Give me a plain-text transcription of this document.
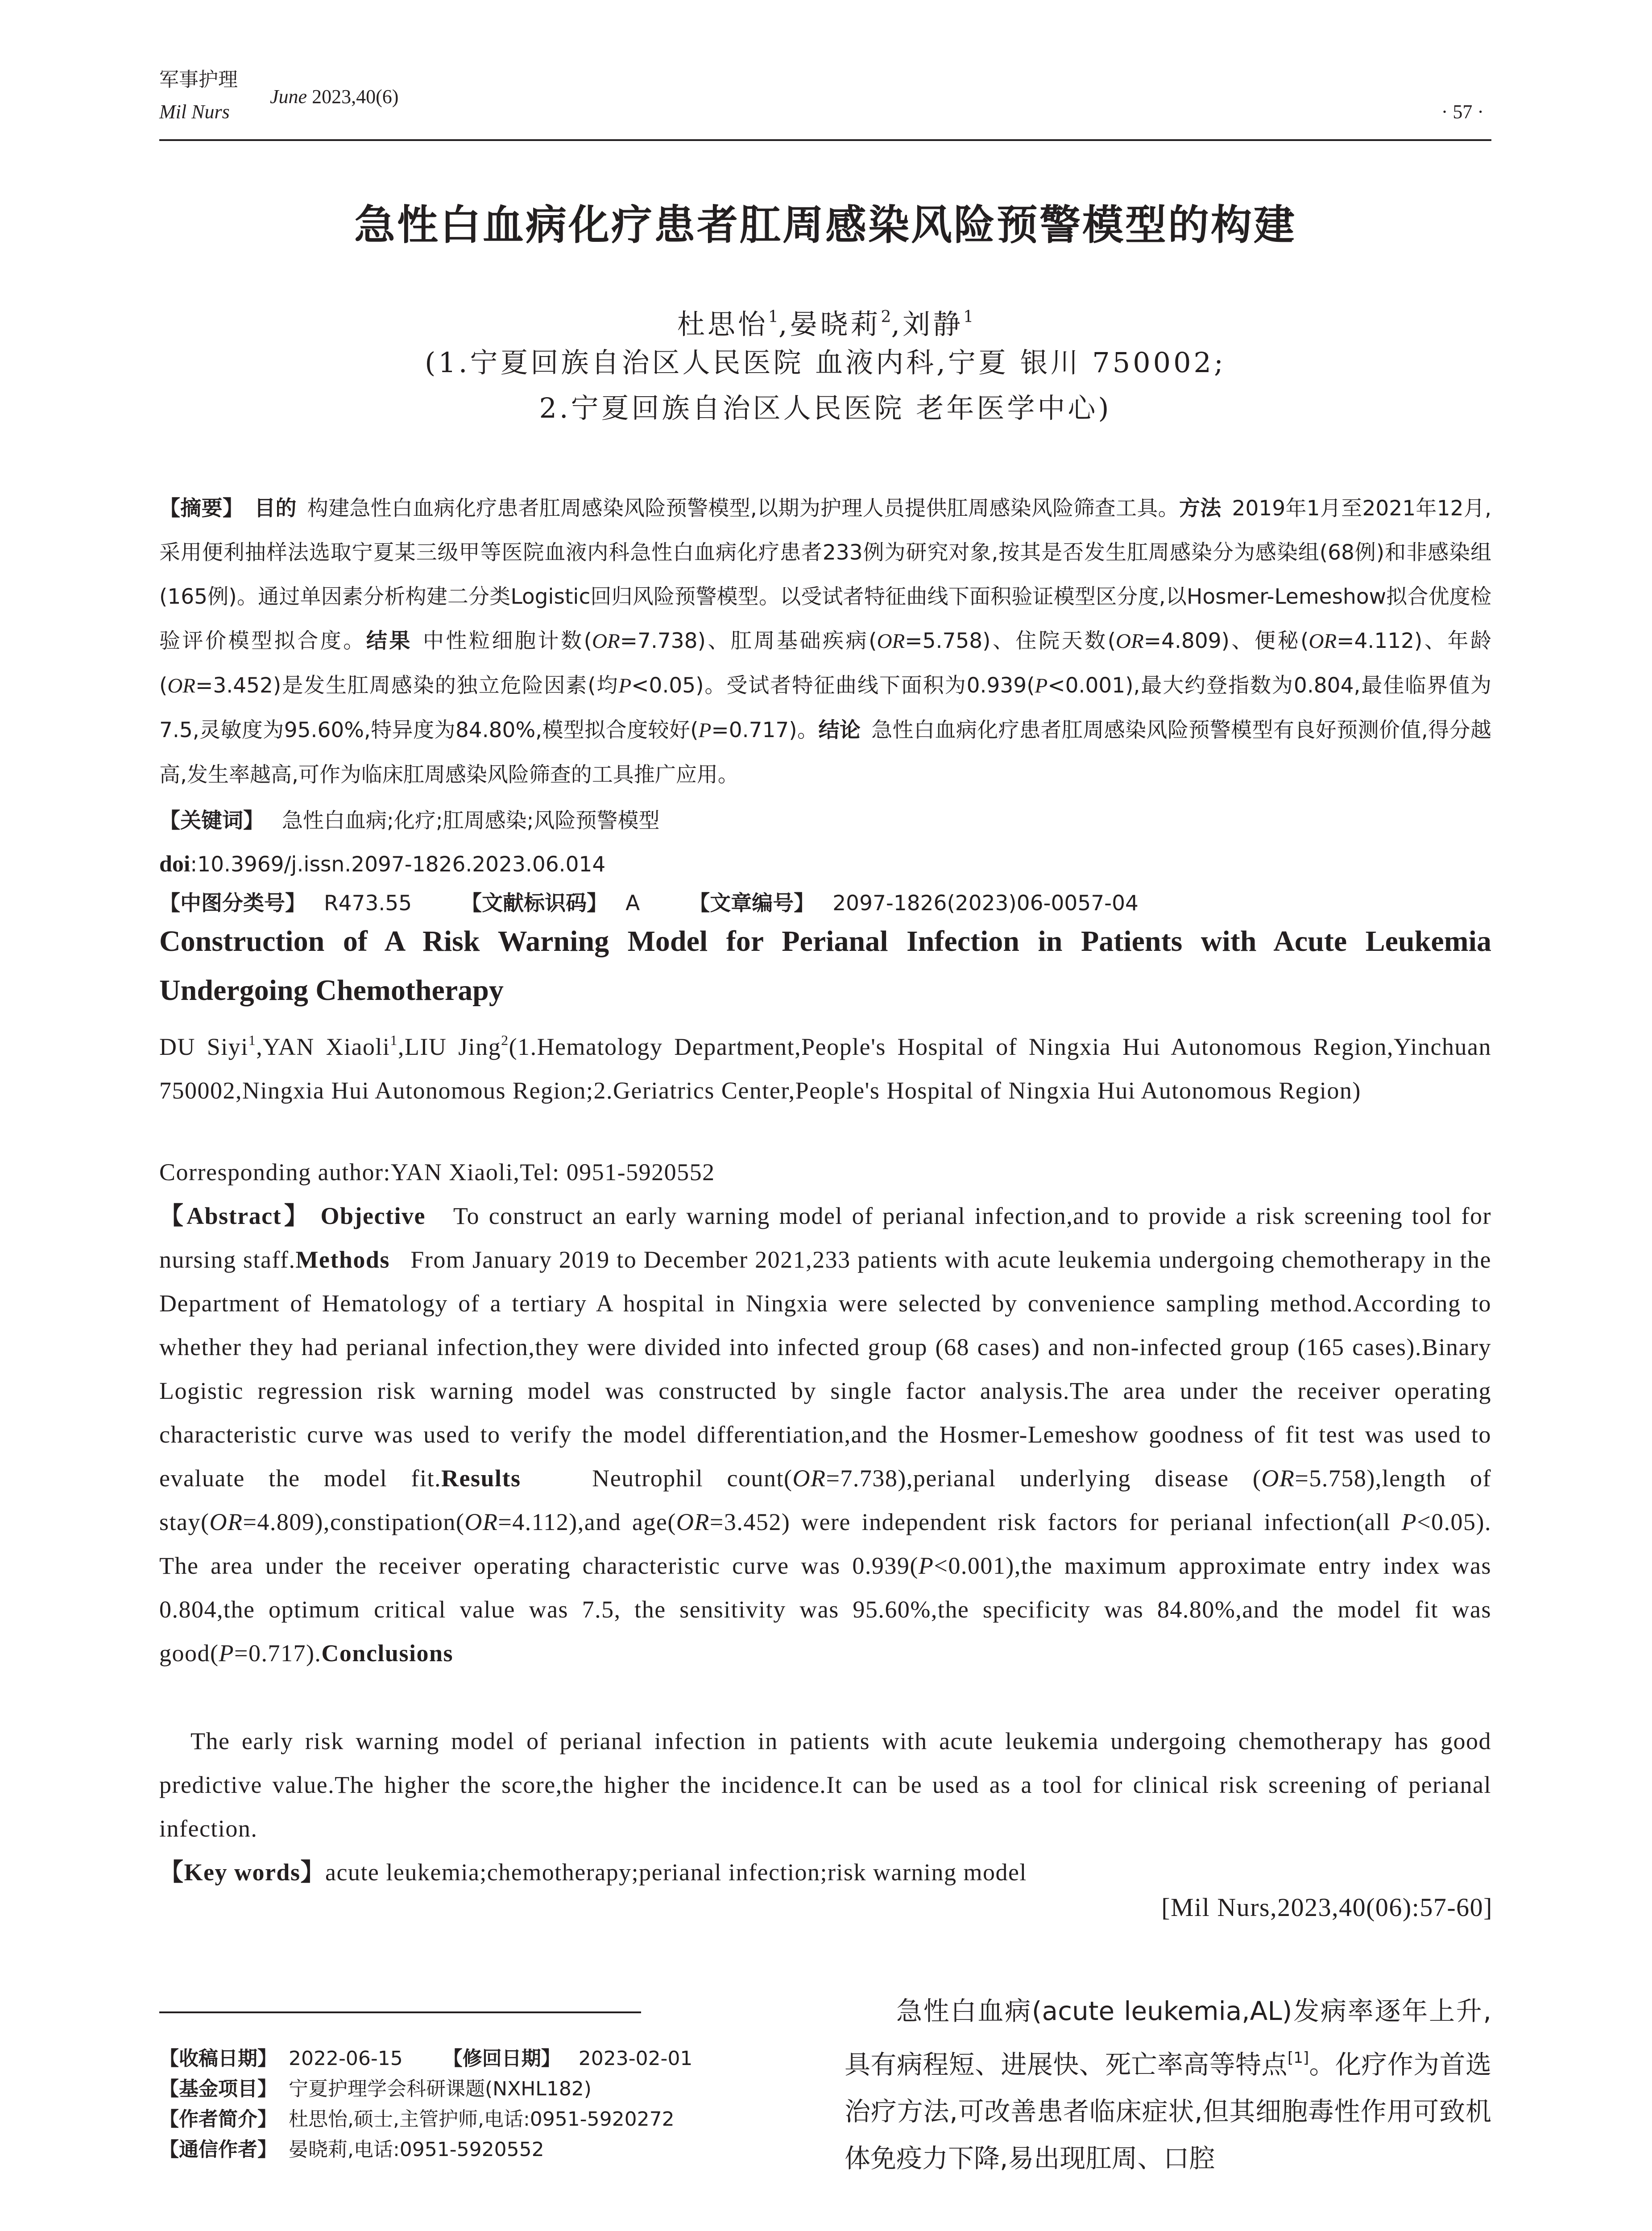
军事护理
Mil Nurs
June 2023,40(6)
· 57 ·
急性白血病化疗患者肛周感染风险预警模型的构建
杜思怡$^1$,晏晓莉$^2$,刘静$^1$
(1.宁夏回族自治区人民医院 血液内科,宁夏 银川 750002;
2.宁夏回族自治区人民医院 老年医学中心)
【摘要】 目的 构建急性白血病化疗患者肛周感染风险预警模型,以期为护理人员提供肛周感染风险筛查工具。方法 2019年1月至2021年12月,采用便利抽样法选取宁夏某三级甲等医院血液内科急性白血病化疗患者233例为研究对象,按其是否发生肛周感染分为感染组(68例)和非感染组(165例)。通过单因素分析构建二分类Logistic回归风险预警模型。以受试者特征曲线下面积验证模型区分度,以Hosmer-Lemeshow拟合优度检验评价模型拟合度。结果 中性粒细胞计数(OR=7.738)、肛周基础疾病(OR=5.758)、住院天数(OR=4.809)、便秘(OR=4.112)、年龄(OR=3.452)是发生肛周感染的独立危险因素(均P<0.05)。受试者特征曲线下面积为0.939(P<0.001),最大约登指数为0.804,最佳临界值为7.5,灵敏度为95.60%,特异度为84.80%,模型拟合度较好(P=0.717)。结论 急性白血病化疗患者肛周感染风险预警模型有良好预测价值,得分越高,发生率越高,可作为临床肛周感染风险筛查的工具推广应用。
【关键词】 急性白血病;化疗;肛周感染;风险预警模型
doi:10.3969/j.issn.2097-1826.2023.06.014
【中图分类号】 R473.55 【文献标识码】 A 【文章编号】 2097-1826(2023)06-0057-04
Construction of A Risk Warning Model for Perianal Infection in Patients with Acute Leukemia Undergoing Chemotherapy
DU Siyi$^1$,YAN Xiaoli$^1$,LIU Jing$^2$(1.Hematology Department,People's Hospital of Ningxia Hui Autonomous Region,Yinchuan 750002,Ningxia Hui Autonomous Region;2.Geriatrics Center,People's Hospital of Ningxia Hui Autonomous Region)
Corresponding author:YAN Xiaoli,Tel: 0951-5920552
【Abstract】 Objective To construct an early warning model of perianal infection,and to provide a risk screening tool for nursing staff.Methods From January 2019 to December 2021,233 patients with acute leukemia undergoing chemotherapy in the Department of Hematology of a tertiary A hospital in Ningxia were selected by convenience sampling method.According to whether they had perianal infection,they were divided into infected group (68 cases) and non-infected group (165 cases).Binary Logistic regression risk warning model was constructed by single factor analysis.The area under the receiver operating characteristic curve was used to verify the model differentiation,and the Hosmer-Lemeshow goodness of fit test was used to evaluate the model fit.Results	Neutrophil count(OR=7.738),perianal underlying disease (OR=5.758),length of stay(OR=4.809),constipation(OR=4.112),and age(OR=3.452) were independent risk factors for perianal infection(all P<0.05). The area under the receiver operating characteristic curve was 0.939(P<0.001),the maximum approximate entry index was 0.804,the optimum critical value was 7.5, the sensitivity was 95.60%,the specificity was 84.80%,and the model fit was good(P=0.717).Conclusions
The early risk warning model of perianal infection in patients with acute leukemia undergoing chemotherapy has good predictive value.The higher the score,the higher the incidence.It can be used as a tool for clinical risk screening of perianal infection.
【Key words】acute leukemia;chemotherapy;perianal infection;risk warning model
[Mil Nurs,2023,40(06):57-60]
【收稿日期】 2022-06-15 【修回日期】 2023-02-01
【基金项目】 宁夏护理学会科研课题(NXHL182)
【作者简介】 杜思怡,硕士,主管护师,电话:0951-5920272
【通信作者】 晏晓莉,电话:0951-5920552
急性白血病(acute leukemia,AL)发病率逐年上升,具有病程短、进展快、死亡率高等特点[1]。化疗作为首选治疗方法,可改善患者临床症状,但其细胞毒性作用可致机体免疫力下降,易出现肛周、口腔
